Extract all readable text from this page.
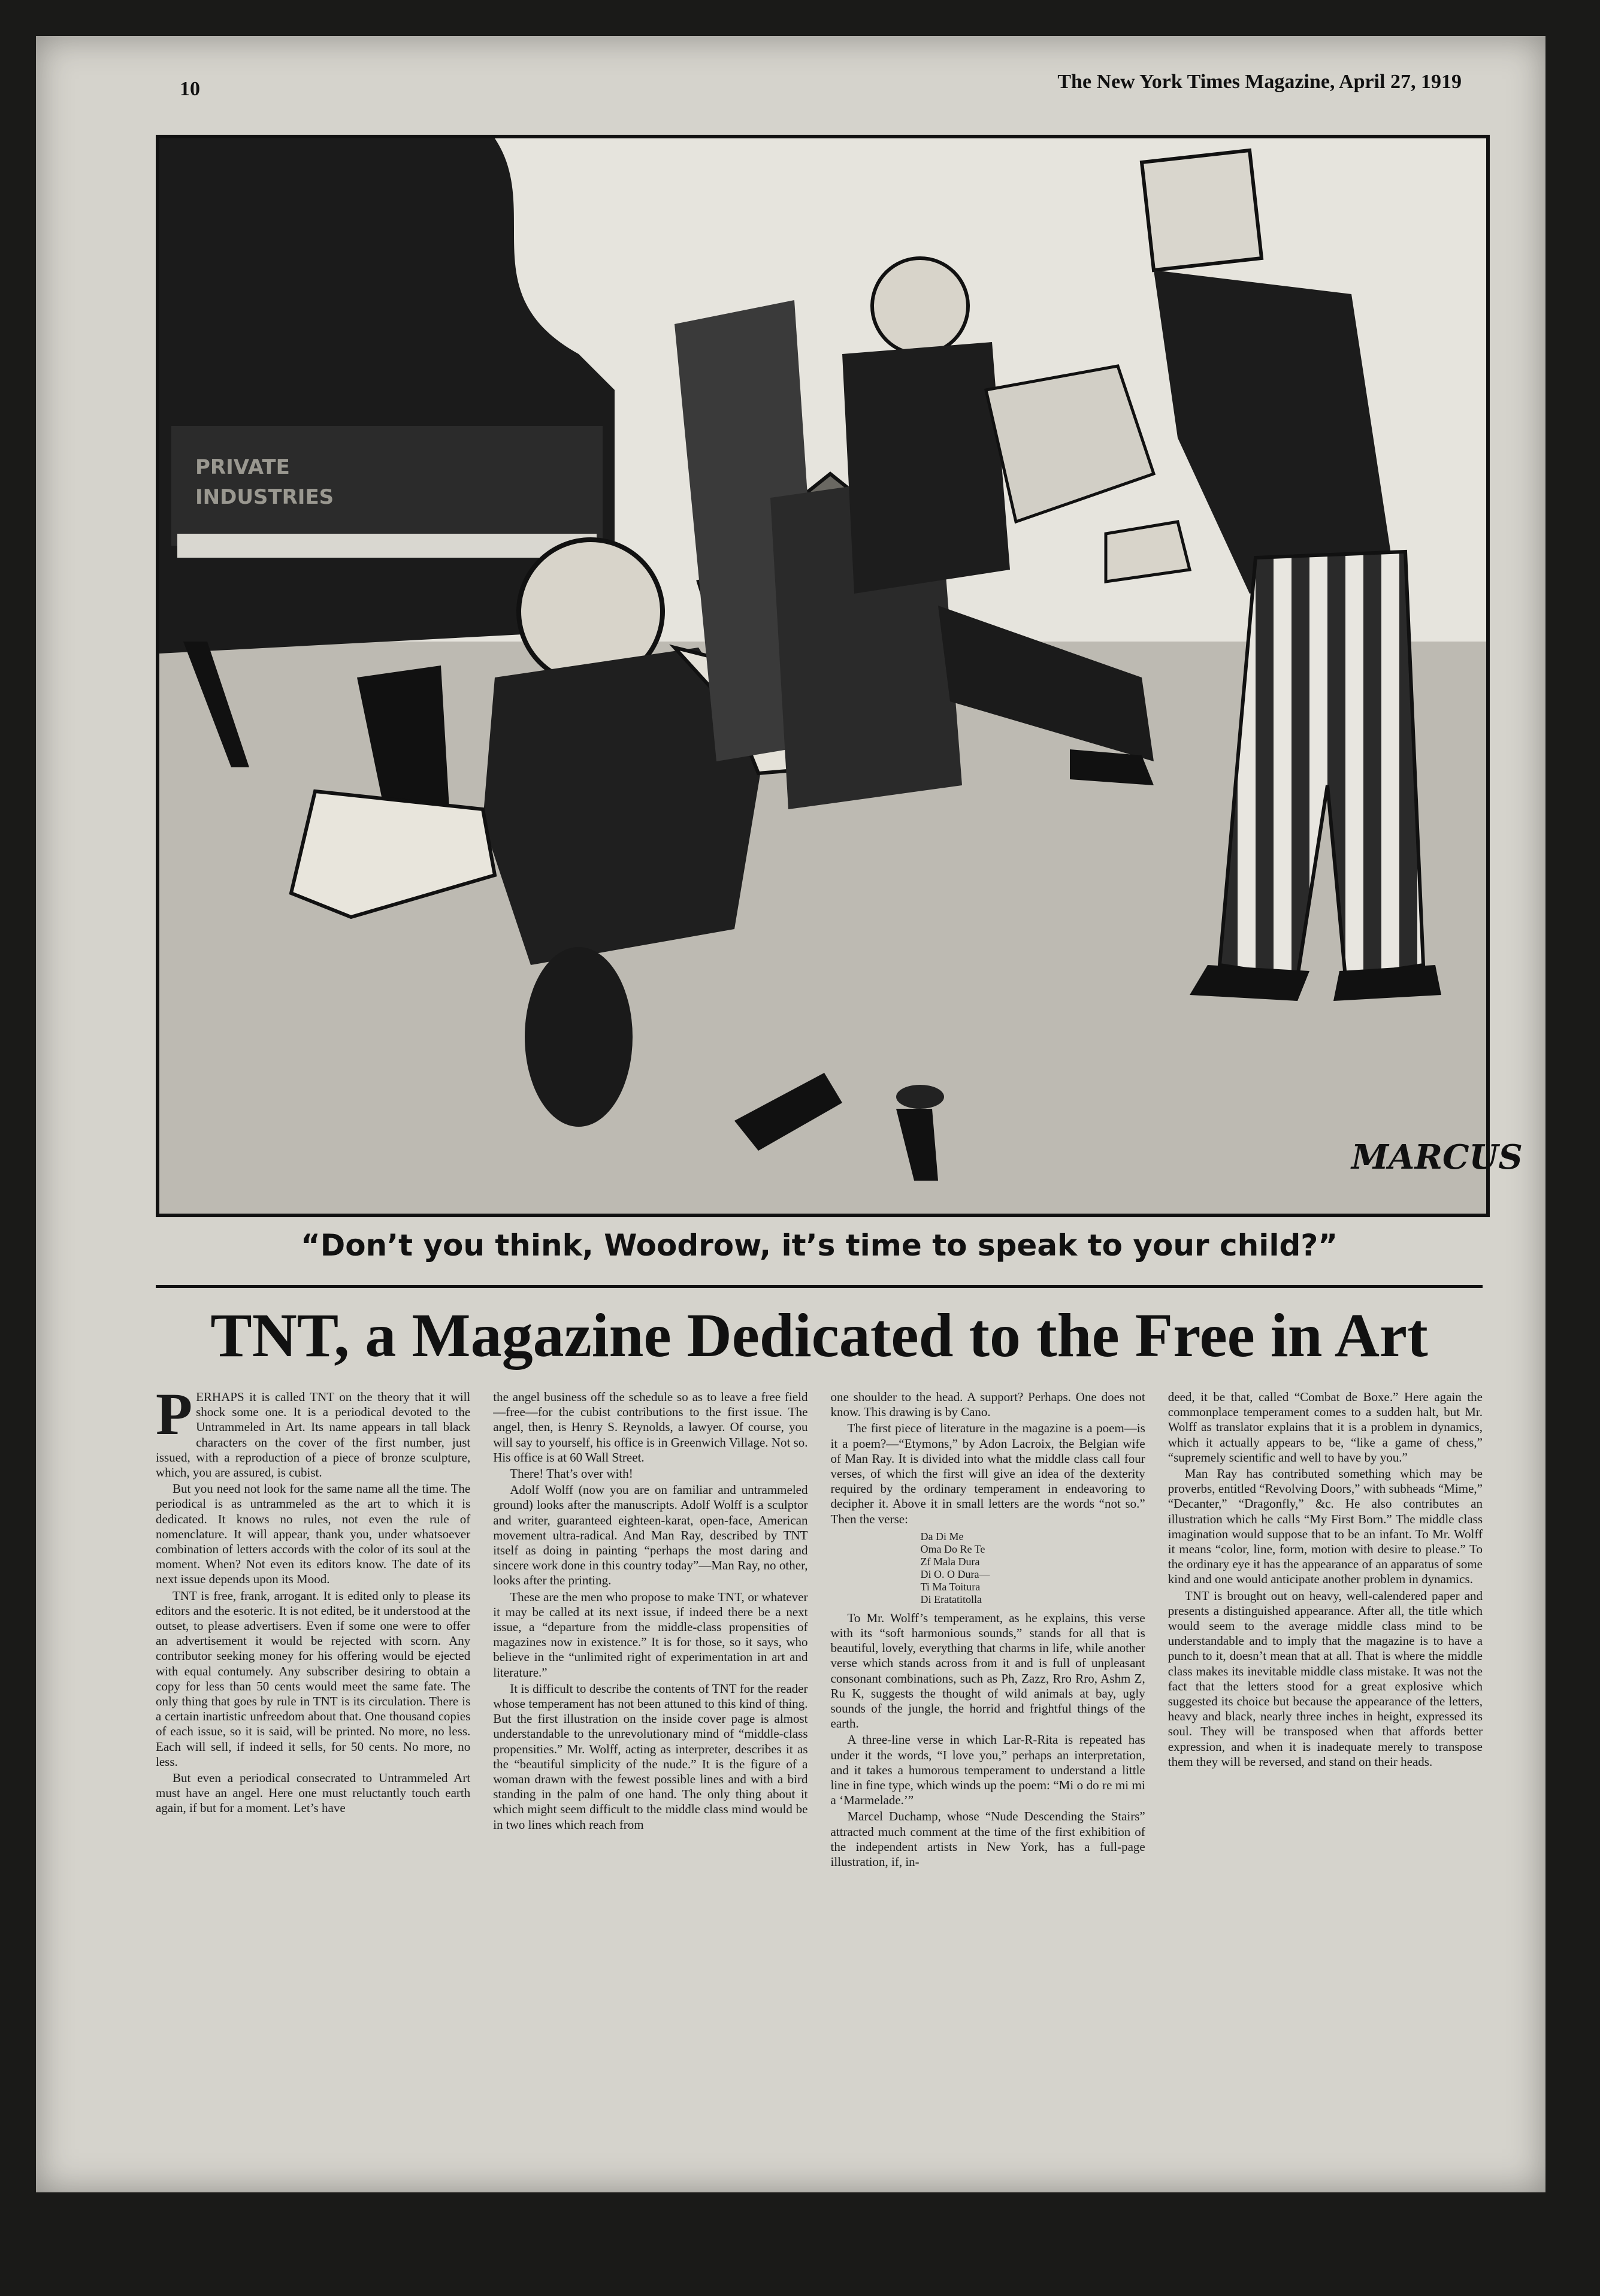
10	The New York Times Magazine, April 27, 1919
PRIVATE
INDUSTRIES
MARCUS
“Don’t you think, Woodrow, it’s time to speak to your child?”
TNT, a Magazine Dedicated to the Free in Art

PERHAPS it is called TNT on the theory that it will shock some one. It is a periodical devoted to the Untrammeled in Art. Its name appears in tall black characters on the cover of the first number, just issued, with a reproduction of a piece of bronze sculpture, which, you are assured, is cubist.

But you need not look for the same name all the time. The periodical is as untrammeled as the art to which it is dedicated. It knows no rules, not even the rule of nomenclature. It will appear, thank you, under whatsoever combination of letters accords with the color of its soul at the moment. When? Not even its editors know. The date of its next issue depends upon its Mood.

TNT is free, frank, arrogant. It is edited only to please its editors and the esoteric. It is not edited, be it understood at the outset, to please advertisers. Even if some one were to offer an advertisement it would be rejected with scorn. Any contributor seeking money for his offering would be ejected with equal contumely. Any subscriber desiring to obtain a copy for less than 50 cents would meet the same fate. The only thing that goes by rule in TNT is its circulation. There is a certain inartistic unfreedom about that. One thousand copies of each issue, so it is said, will be printed. No more, no less. Each will sell, if indeed it sells, for 50 cents. No more, no less.

But even a periodical consecrated to Untrammeled Art must have an angel. Here one must reluctantly touch earth again, if but for a moment. Let’s have

the angel business off the schedule so as to leave a free field—free—for the cubist contributions to the first issue. The angel, then, is Henry S. Reynolds, a lawyer. Of course, you will say to yourself, his office is in Greenwich Village. Not so. His office is at 60 Wall Street.

There! That’s over with!

Adolf Wolff (now you are on familiar and untrammeled ground) looks after the manuscripts. Adolf Wolff is a sculptor and writer, guaranteed eighteen-karat, open-face, American movement ultra-radical. And Man Ray, described by TNT itself as doing in painting “perhaps the most daring and sincere work done in this country today”—Man Ray, no other, looks after the printing.

These are the men who propose to make TNT, or whatever it may be called at its next issue, if indeed there be a next issue, a “departure from the middle-class propensities of magazines now in existence.” It is for those, so it says, who believe in the “unlimited right of experimentation in art and literature.”

It is difficult to describe the contents of TNT for the reader whose temperament has not been attuned to this kind of thing. But the first illustration on the inside cover page is almost understandable to the unrevolutionary mind of “middle-class propensities.” Mr. Wolff, acting as interpreter, describes it as the “beautiful simplicity of the nude.” It is the figure of a woman drawn with the fewest possible lines and with a bird standing in the palm of one hand. The only thing about it which might seem difficult to the middle class mind would be in two lines which reach from

one shoulder to the head. A support? Perhaps. One does not know. This drawing is by Cano.

The first piece of literature in the magazine is a poem—is it a poem?—“Etymons,” by Adon Lacroix, the Belgian wife of Man Ray. It is divided into what the middle class call four verses, of which the first will give an idea of the dexterity required by the ordinary temperament in endeavoring to decipher it. Above it in small letters are the words “not so.” Then the verse:

Da Di Me
Oma Do Re Te
Zf Mala Dura
Di O. O Dura—
Ti Ma Toitura
Di Eratatitolla

To Mr. Wolff’s temperament, as he explains, this verse with its “soft harmonious sounds,” stands for all that is beautiful, lovely, everything that charms in life, while another verse which stands across from it and is full of unpleasant consonant combinations, such as Ph, Zazz, Rro Rro, Ashm Z, Ru K, suggests the thought of wild animals at bay, ugly sounds of the jungle, the horrid and frightful things of the earth.

A three-line verse in which Lar-R-Rita is repeated has under it the words, “I love you,” perhaps an interpretation, and it takes a humorous temperament to understand a little line in fine type, which winds up the poem: “Mi o do re mi mi a ‘Marmelade.’”

Marcel Duchamp, whose “Nude Descending the Stairs” attracted much comment at the time of the first exhibition of the independent artists in New York, has a full-page illustration, if, in-

deed, it be that, called “Combat de Boxe.” Here again the commonplace temperament comes to a sudden halt, but Mr. Wolff as translator explains that it is a problem in dynamics, which it actually appears to be, “like a game of chess,” “supremely scientific and well to have by you.”

Man Ray has contributed something which may be proverbs, entitled “Revolving Doors,” with subheads “Mime,” “Decanter,” “Dragonfly,” &c. He also contributes an illustration which he calls “My First Born.” The middle class imagination would suppose that to be an infant. To Mr. Wolff it means “color, line, form, motion with desire to please.” To the ordinary eye it has the appearance of an apparatus of some kind and one would anticipate another problem in dynamics.

TNT is brought out on heavy, well-calendered paper and presents a distinguished appearance. After all, the title which would seem to the average middle class mind to be understandable and to imply that the magazine is to have a punch to it, doesn’t mean that at all. That is where the middle class makes its inevitable middle class mistake. It was not the fact that the letters stood for a great explosive which suggested its choice but because the appearance of the letters, heavy and black, nearly three inches in height, expressed its soul. They will be transposed when that affords better expression, and when it is inadequate merely to transpose them they will be reversed, and stand on their heads.
